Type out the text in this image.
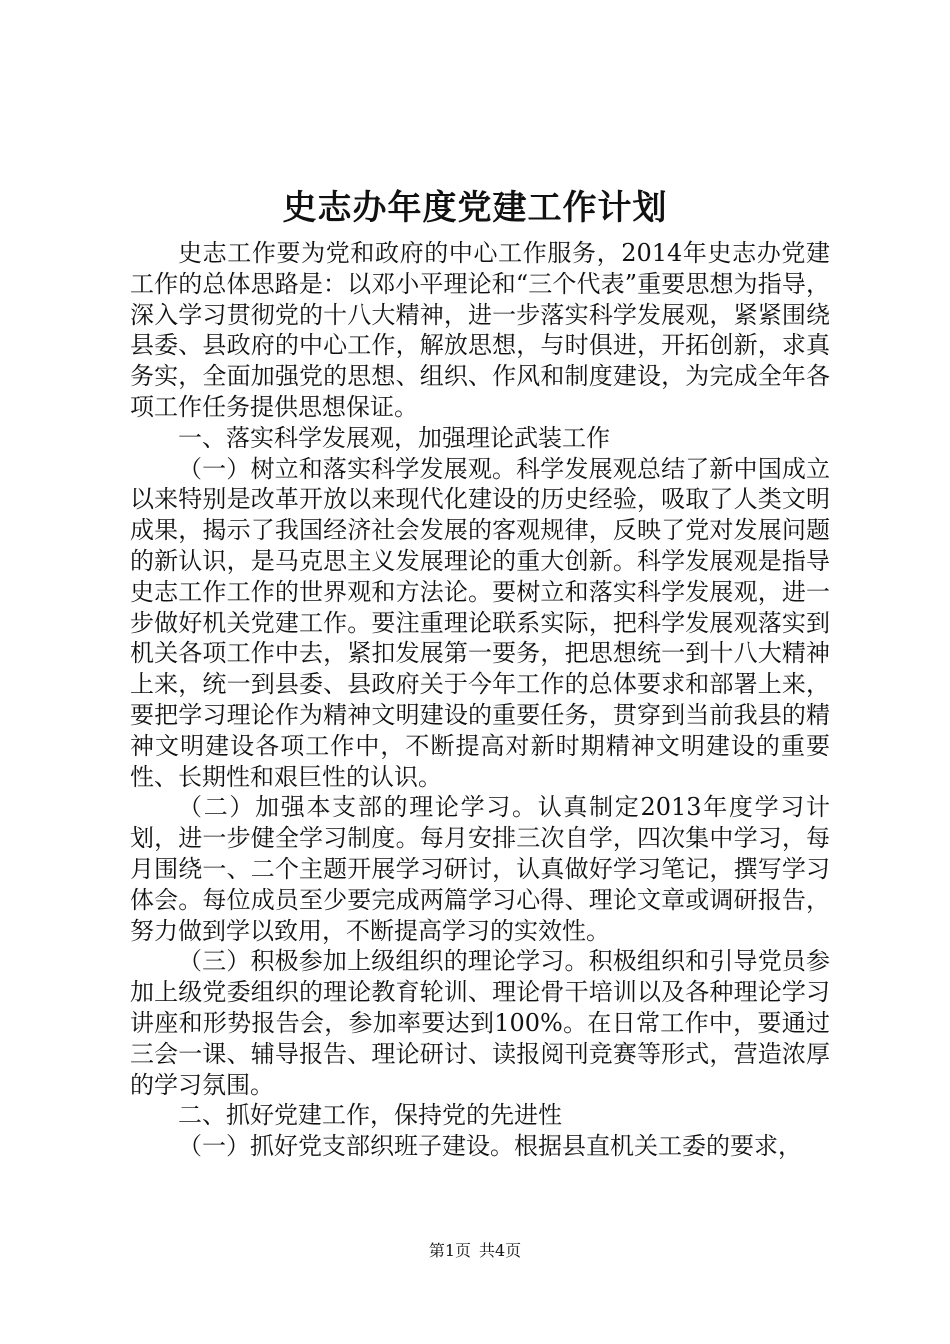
史志办年度党建工作计划

史志工作要为党和政府的中心工作服务，2014年史志办党建工作的总体思路是：以邓小平理论和“三个代表”重要思想为指导，深入学习贯彻党的十八大精神，进一步落实科学发展观，紧紧围绕县委、县政府的中心工作，解放思想，与时俱进，开拓创新，求真务实，全面加强党的思想、组织、作风和制度建设，为完成全年各项工作任务提供思想保证。

一、落实科学发展观，加强理论武装工作

（一）树立和落实科学发展观。科学发展观总结了新中国成立以来特别是改革开放以来现代化建设的历史经验，吸取了人类文明成果，揭示了我国经济社会发展的客观规律，反映了党对发展问题的新认识，是马克思主义发展理论的重大创新。科学发展观是指导史志工作工作的世界观和方法论。要树立和落实科学发展观，进一步做好机关党建工作。要注重理论联系实际，把科学发展观落实到机关各项工作中去，紧扣发展第一要务，把思想统一到十八大精神上来，统一到县委、县政府关于今年工作的总体要求和部署上来，要把学习理论作为精神文明建设的重要任务，贯穿到当前我县的精神文明建设各项工作中，不断提高对新时期精神文明建设的重要性、长期性和艰巨性的认识。

（二）加强本支部的理论学习。认真制定2013年度学习计划，进一步健全学习制度。每月安排三次自学，四次集中学习，每月围绕一、二个主题开展学习研讨，认真做好学习笔记，撰写学习体会。每位成员至少要完成两篇学习心得、理论文章或调研报告，努力做到学以致用，不断提高学习的实效性。

（三）积极参加上级组织的理论学习。积极组织和引导党员参加上级党委组织的理论教育轮训、理论骨干培训以及各种理论学习讲座和形势报告会，参加率要达到100%。在日常工作中，要通过三会一课、辅导报告、理论研讨、读报阅刊竞赛等形式，营造浓厚的学习氛围。

二、抓好党建工作，保持党的先进性

（一）抓好党支部织班子建设。根据县直机关工委的要求，

第1页 共4页
